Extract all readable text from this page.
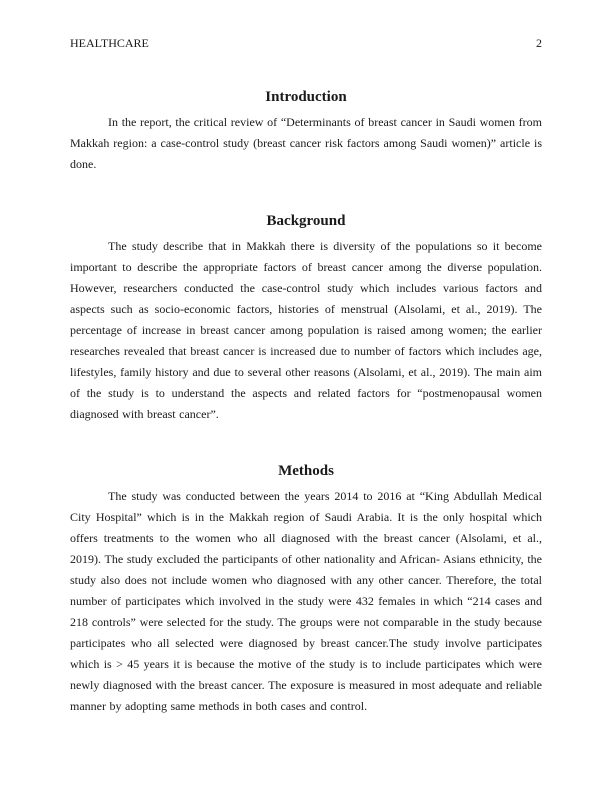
HEALTHCARE	2
Introduction

In the report, the critical review of “Determinants of breast cancer in Saudi women from Makkah region: a case-control study (breast cancer risk factors among Saudi women)” article is done.

Background

The study describe that in Makkah there is diversity of the populations so it become important to describe the appropriate factors of breast cancer among the diverse population. However, researchers conducted the case-control study which includes various factors and aspects such as socio-economic factors, histories of menstrual (Alsolami, et al., 2019). The percentage of increase in breast cancer among population is raised among women; the earlier researches revealed that breast cancer is increased due to number of factors which includes age, lifestyles, family history and due to several other reasons (Alsolami, et al., 2019). The main aim of the study is to understand the aspects and related factors for “postmenopausal women diagnosed with breast cancer”.

Methods

The study was conducted between the years 2014 to 2016 at “King Abdullah Medical City Hospital” which is in the Makkah region of Saudi Arabia. It is the only hospital which offers treatments to the women who all diagnosed with the breast cancer (Alsolami, et al., 2019). The study excluded the participants of other nationality and African- Asians ethnicity, the study also does not include women who diagnosed with any other cancer. Therefore, the total number of participates which involved in the study were 432 females in which “214 cases and 218 controls” were selected for the study. The groups were not comparable in the study because participates who all selected were diagnosed by breast cancer.The study involve participates which is > 45 years it is because the motive of the study is to include participates which were newly diagnosed with the breast cancer. The exposure is measured in most adequate and reliable manner by adopting same methods in both cases and control.
